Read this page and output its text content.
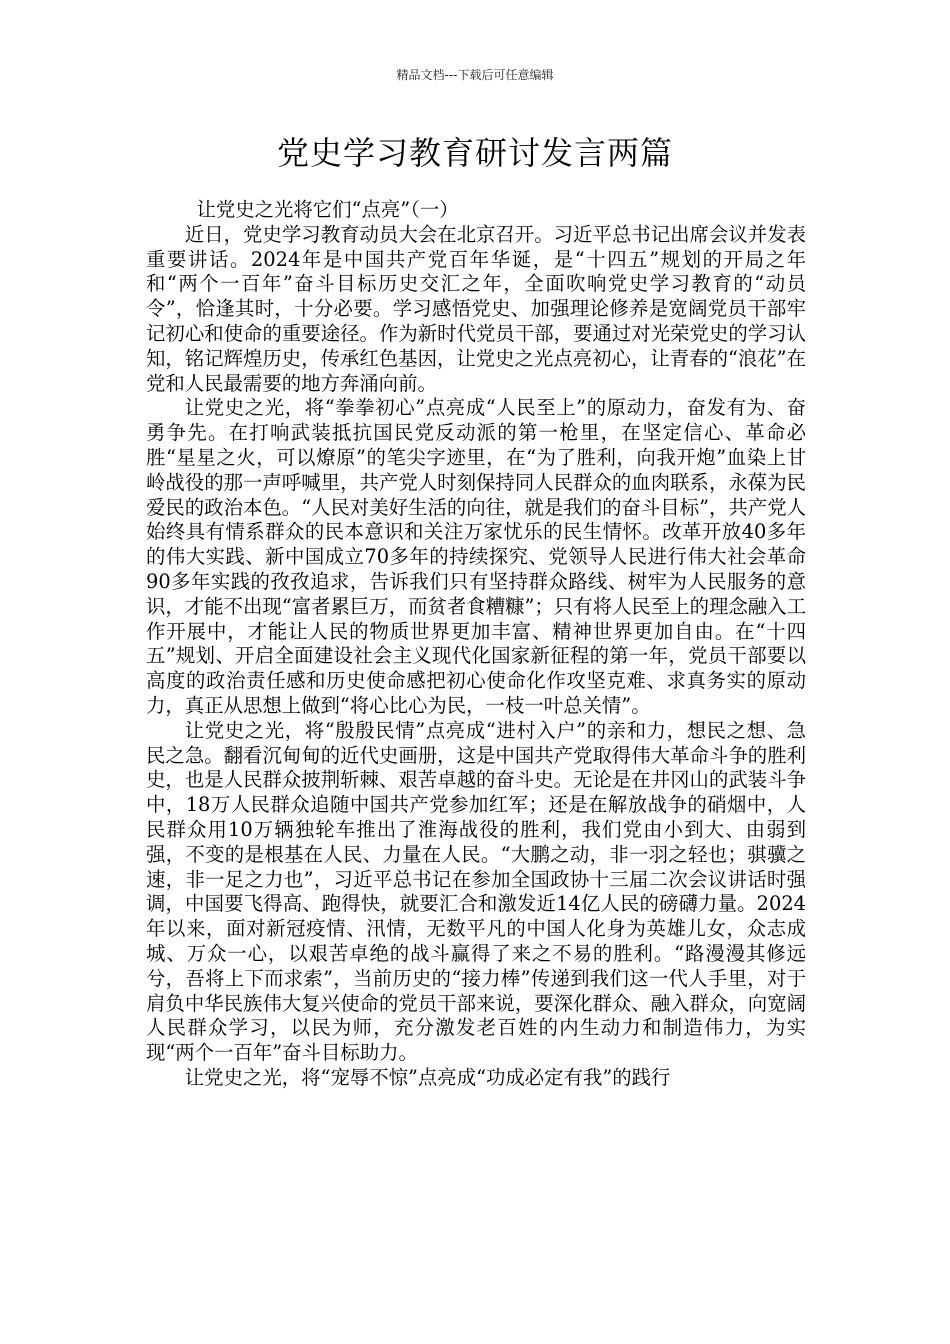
精品文档---下载后可任意编辑
党史学习教育研讨发言两篇

让党史之光将它们“点亮”（一）

近日，党史学习教育动员大会在北京召开。习近平总书记出席会议并发表重要讲话。2024年是中国共产党百年华诞，是“十四五”规划的开局之年和“两个一百年”奋斗目标历史交汇之年，全面吹响党史学习教育的“动员令”，恰逢其时，十分必要。学习感悟党史、加强理论修养是宽阔党员干部牢记初心和使命的重要途径。作为新时代党员干部，要通过对光荣党史的学习认知，铭记辉煌历史，传承红色基因，让党史之光点亮初心，让青春的“浪花”在党和人民最需要的地方奔涌向前。

让党史之光，将“拳拳初心”点亮成“人民至上”的原动力，奋发有为、奋勇争先。在打响武装抵抗国民党反动派的第一枪里，在坚定信心、革命必胜“星星之火，可以燎原”的笔尖字迹里，在“为了胜利，向我开炮”血染上甘岭战役的那一声呼喊里，共产党人时刻保持同人民群众的血肉联系，永葆为民爱民的政治本色。“人民对美好生活的向往，就是我们的奋斗目标”，共产党人始终具有情系群众的民本意识和关注万家忧乐的民生情怀。改革开放40多年的伟大实践、新中国成立70多年的持续探究、党领导人民进行伟大社会革命90多年实践的孜孜追求，告诉我们只有坚持群众路线、树牢为人民服务的意识，才能不出现“富者累巨万，而贫者食糟糠”；只有将人民至上的理念融入工作开展中，才能让人民的物质世界更加丰富、精神世界更加自由。在“十四五”规划、开启全面建设社会主义现代化国家新征程的第一年，党员干部要以高度的政治责任感和历史使命感把初心使命化作攻坚克难、求真务实的原动力，真正从思想上做到“将心比心为民，一枝一叶总关情”。

让党史之光，将“殷殷民情”点亮成“进村入户”的亲和力，想民之想、急民之急。翻看沉甸甸的近代史画册，这是中国共产党取得伟大革命斗争的胜利史，也是人民群众披荆斩棘、艰苦卓越的奋斗史。无论是在井冈山的武装斗争中，18万人民群众追随中国共产党参加红军；还是在解放战争的硝烟中，人民群众用10万辆独轮车推出了淮海战役的胜利，我们党由小到大、由弱到强，不变的是根基在人民、力量在人民。“大鹏之动，非一羽之轻也；骐骥之速，非一足之力也”，习近平总书记在参加全国政协十三届二次会议讲话时强调，中国要飞得高、跑得快，就要汇合和激发近14亿人民的磅礴力量。2024年以来，面对新冠疫情、汛情，无数平凡的中国人化身为英雄儿女，众志成城、万众一心，以艰苦卓绝的战斗赢得了来之不易的胜利。“路漫漫其修远兮，吾将上下而求索”，当前历史的“接力棒”传递到我们这一代人手里，对于肩负中华民族伟大复兴使命的党员干部来说，要深化群众、融入群众，向宽阔人民群众学习，以民为师，充分激发老百姓的内生动力和制造伟力，为实现“两个一百年”奋斗目标助力。

让党史之光，将“宠辱不惊”点亮成“功成必定有我”的践行
